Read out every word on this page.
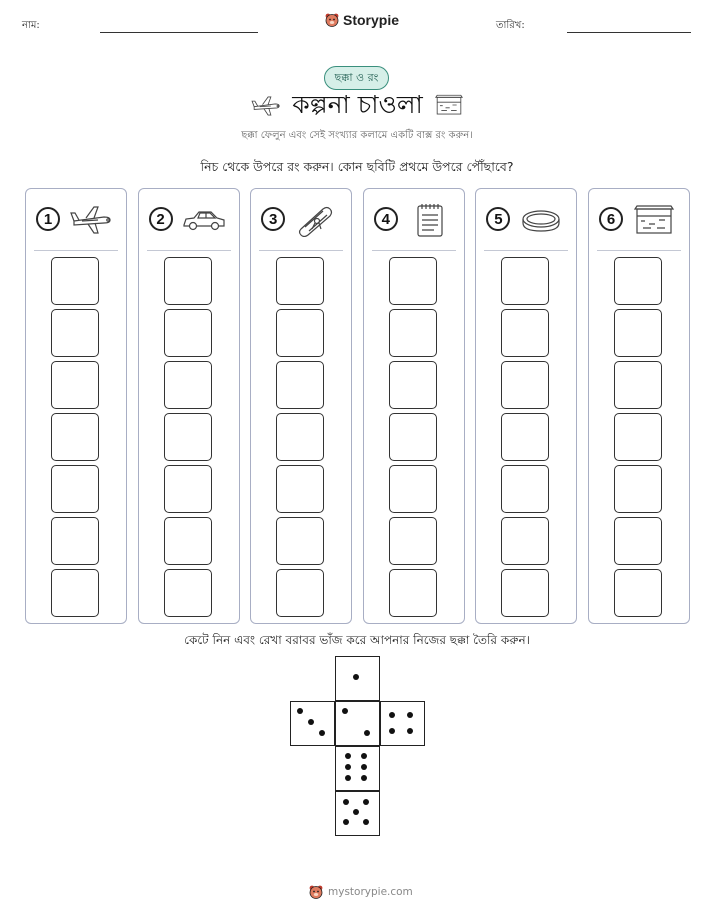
নাম:	Storypie	তারিখ:
ছক্কা ও রং
কল্পনা চাওলা
ছক্কা ফেলুন এবং সেই সংখ্যার কলামে একটি বাক্স রং করুন।
নিচ থেকে উপরে রং করুন। কোন ছবিটি প্রথমে উপরে পৌঁছাবে?
1	2	3	4	5	6
কেটে নিন এবং রেখা বরাবর ভাঁজ করে আপনার নিজের ছক্কা তৈরি করুন।
mystorypie.com
